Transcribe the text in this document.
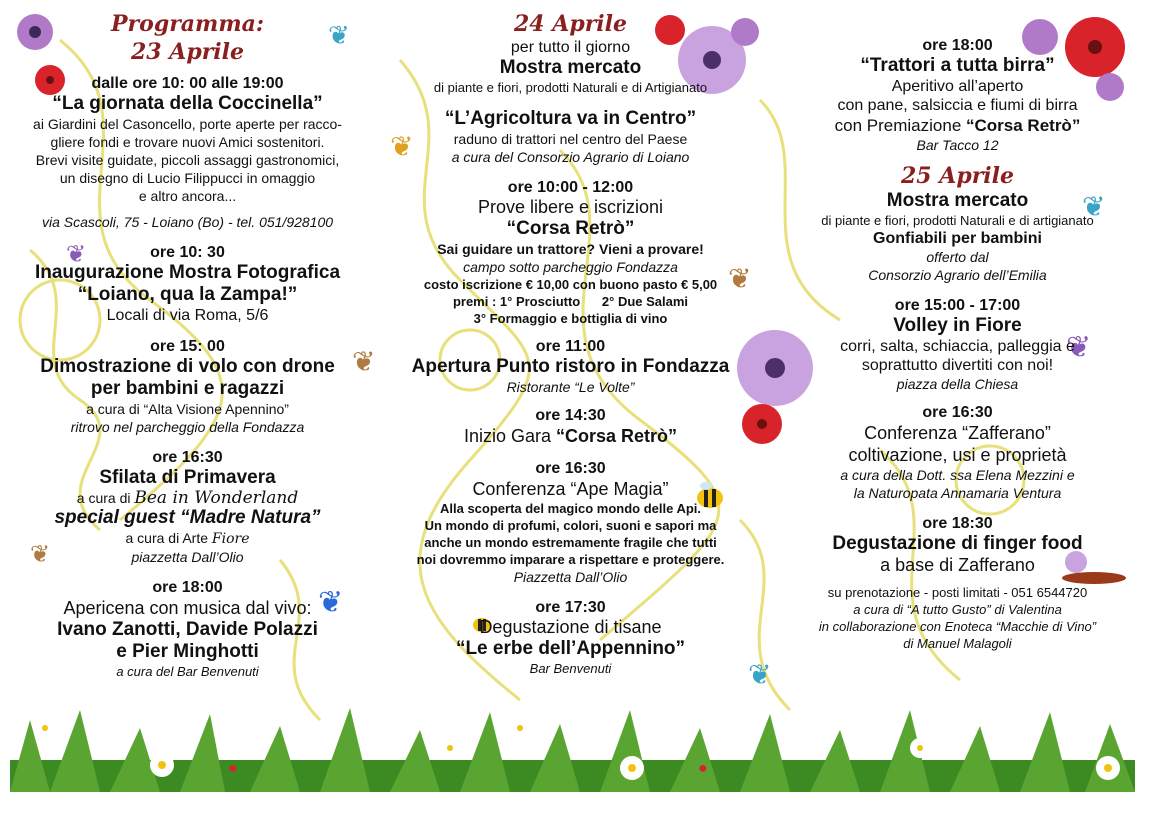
❦
❦
❦
❦
❦
❦
❦
❦
❦
❦
●	●
Programma:
23 Aprile
dalle ore 10: 00 alle 19:00
“La giornata della Coccinella”
ai Giardini del Casoncello, porte aperte per racco-
gliere fondi e trovare nuovi Amici sostenitori.
Brevi visite guidate, piccoli assaggi gastronomici,
un disegno di Lucio Filippucci in omaggio
e altro ancora...
via Scascoli, 75 - Loiano (Bo) - tel. 051/928100
ore 10: 30
Inaugurazione Mostra Fotografica
“Loiano, qua la Zampa!”
Locali di via Roma, 5/6
ore 15: 00
Dimostrazione di volo con drone
per bambini e ragazzi
a cura di “Alta Visione Apennino”
ritrovo nel parcheggio della Fondazza
ore 16:30
Sfilata di Primavera
a cura di Bea in Wonderland
special guest “Madre Natura”
a cura di Arte Fiore
piazzetta Dall’Olio
ore 18:00
Apericena con musica dal vivo:
Ivano Zanotti, Davide Polazzi
e Pier Minghotti
a cura del Bar Benvenuti
24 Aprile
per tutto il giorno
Mostra mercato
di piante e fiori, prodotti Naturali e di Artigianato
“L’Agricoltura va in Centro”
raduno di trattori nel centro del Paese
a cura del Consorzio Agrario di Loiano
ore 10:00 - 12:00
Prove libere e iscrizioni
“Corsa Retrò”
Sai guidare un trattore? Vieni a provare!
campo sotto parcheggio Fondazza
costo iscrizione € 10,00 con buono pasto € 5,00
premi : 1° Prosciutto      2° Due Salami
3° Formaggio e bottiglia di vino
ore 11:00
Apertura Punto ristoro in Fondazza
Ristorante “Le Volte”
ore 14:30
Inizio Gara “Corsa Retrò”
ore 16:30
Conferenza “Ape Magia”
Alla scoperta del magico mondo delle Api.
Un mondo di profumi, colori, suoni e sapori ma
anche un mondo estremamente fragile che tutti
noi dovremmo imparare a rispettare e proteggere.
Piazzetta Dall’Olio
ore 17:30
Degustazione di tisane
“Le erbe dell’Appennino”
Bar Benvenuti
ore 18:00
“Trattori a tutta birra”
Aperitivo all’aperto
con pane, salsiccia e fiumi di birra
con Premiazione “Corsa Retrò”
Bar Tacco 12
25 Aprile
Mostra mercato
di piante e fiori, prodotti Naturali e di artigianato
Gonfiabili per bambini
offerto dal
Consorzio Agrario dell’Emilia
ore 15:00 - 17:00
Volley in Fiore
corri, salta, schiaccia, palleggia e
soprattutto divertiti con noi!
piazza della Chiesa
ore 16:30
Conferenza “Zafferano”
coltivazione, usi e proprietà
a cura della Dott. ssa Elena Mezzini e
la Naturopata Annamaria Ventura
ore 18:30
Degustazione di finger food
a base di Zafferano
su prenotazione - posti limitati - 051 6544720
a cura di “A tutto Gusto” di Valentina
in collaborazione con Enoteca “Macchie di Vino”
di Manuel Malagoli
